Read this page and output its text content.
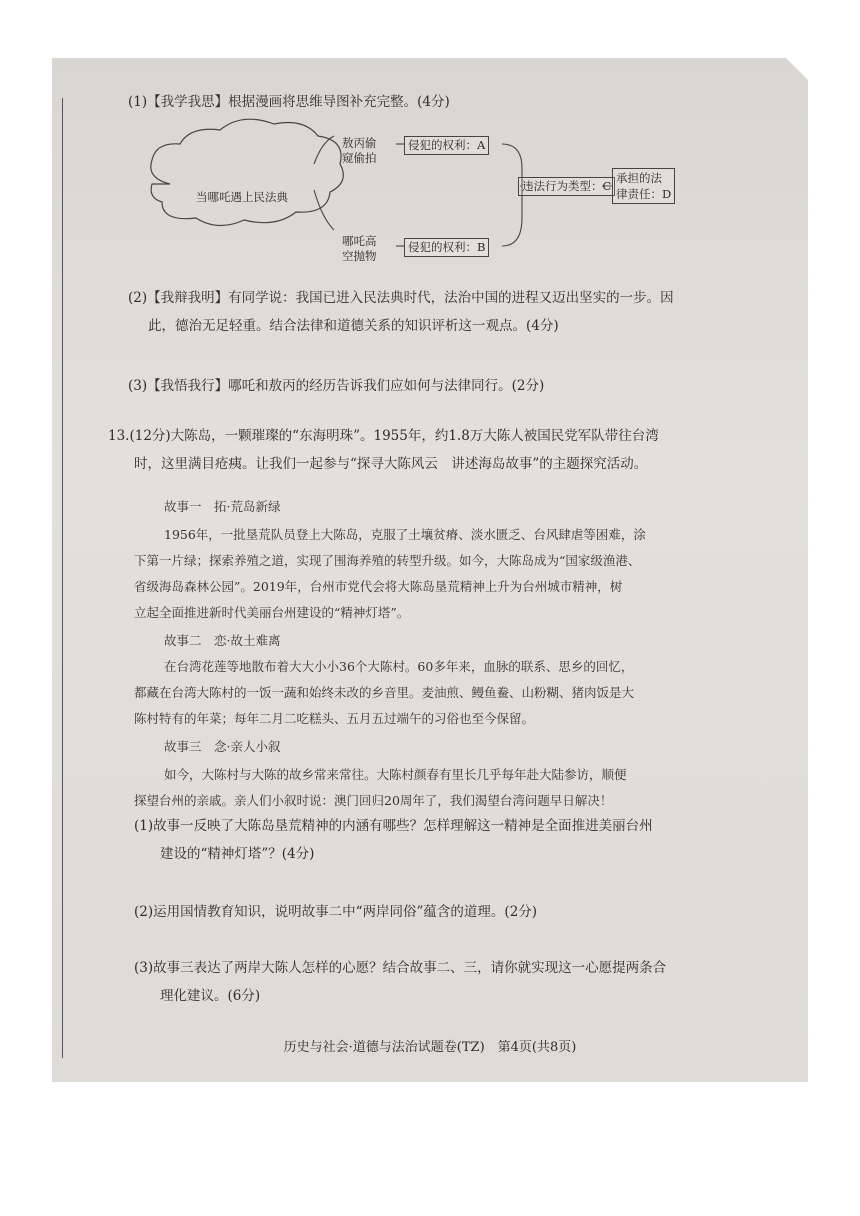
(1)【我学我思】根据漫画将思维导图补充完整。(4分)
当哪吒遇上民法典
敖丙偷窥偷拍
哪吒高空抛物
侵犯的权利：A
侵犯的权利：B
违法行为类型：C
承担的法
律责任：D
(2)【我辩我明】有同学说：我国已进入民法典时代，法治中国的进程又迈出坚实的一步。因
此，德治无足轻重。结合法律和道德关系的知识评析这一观点。(4分)
(3)【我悟我行】哪吒和敖丙的经历告诉我们应如何与法律同行。(2分)
13.(12分)大陈岛，一颗璀璨的“东海明珠”。1955年，约1.8万大陈人被国民党军队带往台湾
时，这里满目疮痍。让我们一起参与“探寻大陈风云　讲述海岛故事”的主题探究活动。
故事一　拓·荒岛新绿
1956年，一批垦荒队员登上大陈岛，克服了土壤贫瘠、淡水匮乏、台风肆虐等困难，涂
下第一片绿；探索养殖之道，实现了围海养殖的转型升级。如今，大陈岛成为“国家级渔港、
省级海岛森林公园”。2019年，台州市党代会将大陈岛垦荒精神上升为台州城市精神，树
立起全面推进新时代美丽台州建设的“精神灯塔”。
故事二　恋·故土难离
在台湾花莲等地散布着大大小小36个大陈村。60多年来，血脉的联系、思乡的回忆，
都藏在台湾大陈村的一饭一蔬和始终未改的乡音里。麦油煎、鳗鱼鲞、山粉糊、猪肉饭是大
陈村特有的年菜；每年二月二吃糕头、五月五过端午的习俗也至今保留。
故事三　念·亲人小叙
如今，大陈村与大陈的故乡常来常往。大陈村颜春有里长几乎每年赴大陆参访，顺便
探望台州的亲戚。亲人们小叙时说：澳门回归20周年了，我们渴望台湾问题早日解决！
(1)故事一反映了大陈岛垦荒精神的内涵有哪些？怎样理解这一精神是全面推进美丽台州
建设的“精神灯塔”？(4分)
(2)运用国情教育知识，说明故事二中“两岸同俗”蕴含的道理。(2分)
(3)故事三表达了两岸大陈人怎样的心愿？结合故事二、三，请你就实现这一心愿提两条合
理化建议。(6分)
历史与社会·道德与法治试题卷(TZ)　第4页(共8页)
